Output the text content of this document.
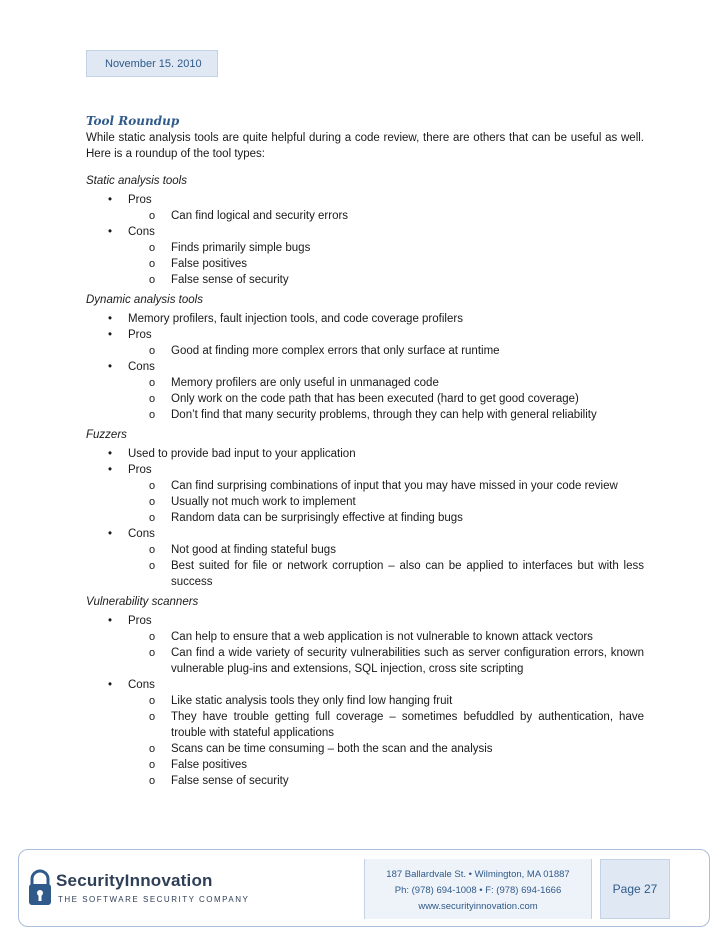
November 15. 2010
Tool Roundup

While static analysis tools are quite helpful during a code review, there are others that can be useful as well. Here is a roundup of the tool types:

Static analysis tools
• Pros
o Can find logical and security errors
• Cons
o Finds primarily simple bugs
o False positives
o False sense of security
Dynamic analysis tools
• Memory profilers, fault injection tools, and code coverage profilers
• Pros
o Good at finding more complex errors that only surface at runtime
• Cons
o Memory profilers are only useful in unmanaged code
o Only work on the code path that has been executed (hard to get good coverage)
o Don’t find that many security problems, through they can help with general reliability
Fuzzers
• Used to provide bad input to your application
• Pros
o Can find surprising combinations of input that you may have missed in your code review
o Usually not much work to implement
o Random data can be surprisingly effective at finding bugs
• Cons
o Not good at finding stateful bugs
o Best suited for file or network corruption – also can be applied to interfaces but with less success
Vulnerability scanners
• Pros
o Can help to ensure that a web application is not vulnerable to known attack vectors
o Can find a wide variety of security vulnerabilities such as server configuration errors, known vulnerable plug-ins and extensions, SQL injection, cross site scripting
• Cons
o Like static analysis tools they only find low hanging fruit
o They have trouble getting full coverage – sometimes befuddled by authentication, have trouble with stateful applications
o Scans can be time consuming – both the scan and the analysis
o False positives
o False sense of security
SecurityInnovation
THE SOFTWARE SECURITY COMPANY
187 Ballardvale St. • Wilmington, MA 01887
Ph: (978) 694-1008 • F: (978) 694-1666
www.securityinnovation.com
Page 27
